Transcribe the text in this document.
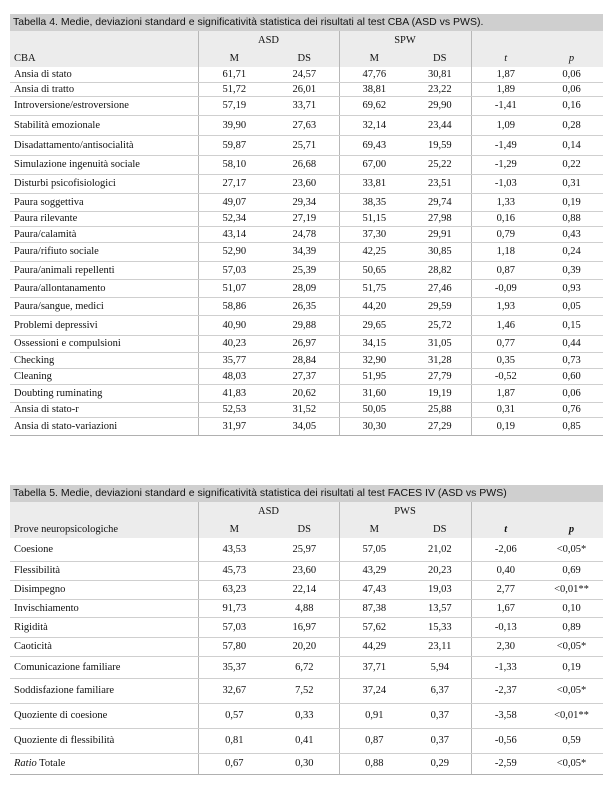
Tabella 4. Medie, deviazioni standard e significatività statistica dei risultati al test CBA (ASD vs PWS).
	ASD		SPW			
CBA	M	DS	M	DS	t	p
Ansia di stato	61,71	24,57	47,76	30,81	1,87	0,06
Ansia di tratto	51,72	26,01	38,81	23,22	1,89	0,06
Introversione/estroversione	57,19	33,71	69,62	29,90	-1,41	0,16
Stabilità emozionale	39,90	27,63	32,14	23,44	1,09	0,28
Disadattamento/antisocialità	59,87	25,71	69,43	19,59	-1,49	0,14
Simulazione ingenuità sociale	58,10	26,68	67,00	25,22	-1,29	0,22
Disturbi psicofisiologici	27,17	23,60	33,81	23,51	-1,03	0,31
Paura soggettiva	49,07	29,34	38,35	29,74	1,33	0,19
Paura rilevante	52,34	27,19	51,15	27,98	0,16	0,88
Paura/calamità	43,14	24,78	37,30	29,91	0,79	0,43
Paura/rifiuto sociale	52,90	34,39	42,25	30,85	1,18	0,24
Paura/animali repellenti	57,03	25,39	50,65	28,82	0,87	0,39
Paura/allontanamento	51,07	28,09	51,75	27,46	-0,09	0,93
Paura/sangue, medici	58,86	26,35	44,20	29,59	1,93	0,05
Problemi depressivi	40,90	29,88	29,65	25,72	1,46	0,15
Ossessioni e compulsioni	40,23	26,97	34,15	31,05	0,77	0,44
Checking	35,77	28,84	32,90	31,28	0,35	0,73
Cleaning	48,03	27,37	51,95	27,79	-0,52	0,60
Doubting ruminating	41,83	20,62	31,60	19,19	1,87	0,06
Ansia di stato-r	52,53	31,52	50,05	25,88	0,31	0,76
Ansia di stato-variazioni	31,97	34,05	30,30	27,29	0,19	0,85
Tabella 5. Medie, deviazioni standard e significatività statistica dei risultati al test FACES IV (ASD vs PWS)
	ASD		PWS			
Prove neuropsicologiche	M	DS	M	DS	t	p
Coesione	43,53	25,97	57,05	21,02	-2,06	<0,05*
Flessibilità	45,73	23,60	43,29	20,23	0,40	0,69
Disimpegno	63,23	22,14	47,43	19,03	2,77	<0,01**
Invischiamento	91,73	4,88	87,38	13,57	1,67	0,10
Rigidità	57,03	16,97	57,62	15,33	-0,13	0,89
Caoticità	57,80	20,20	44,29	23,11	2,30	<0,05*
Comunicazione familiare	35,37	6,72	37,71	5,94	-1,33	0,19
Soddisfazione familiare	32,67	7,52	37,24	6,37	-2,37	<0,05*
Quoziente di coesione	0,57	0,33	0,91	0,37	-3,58	<0,01**
Quoziente di flessibilità	0,81	0,41	0,87	0,37	-0,56	0,59
Ratio Totale	0,67	0,30	0,88	0,29	-2,59	<0,05*
